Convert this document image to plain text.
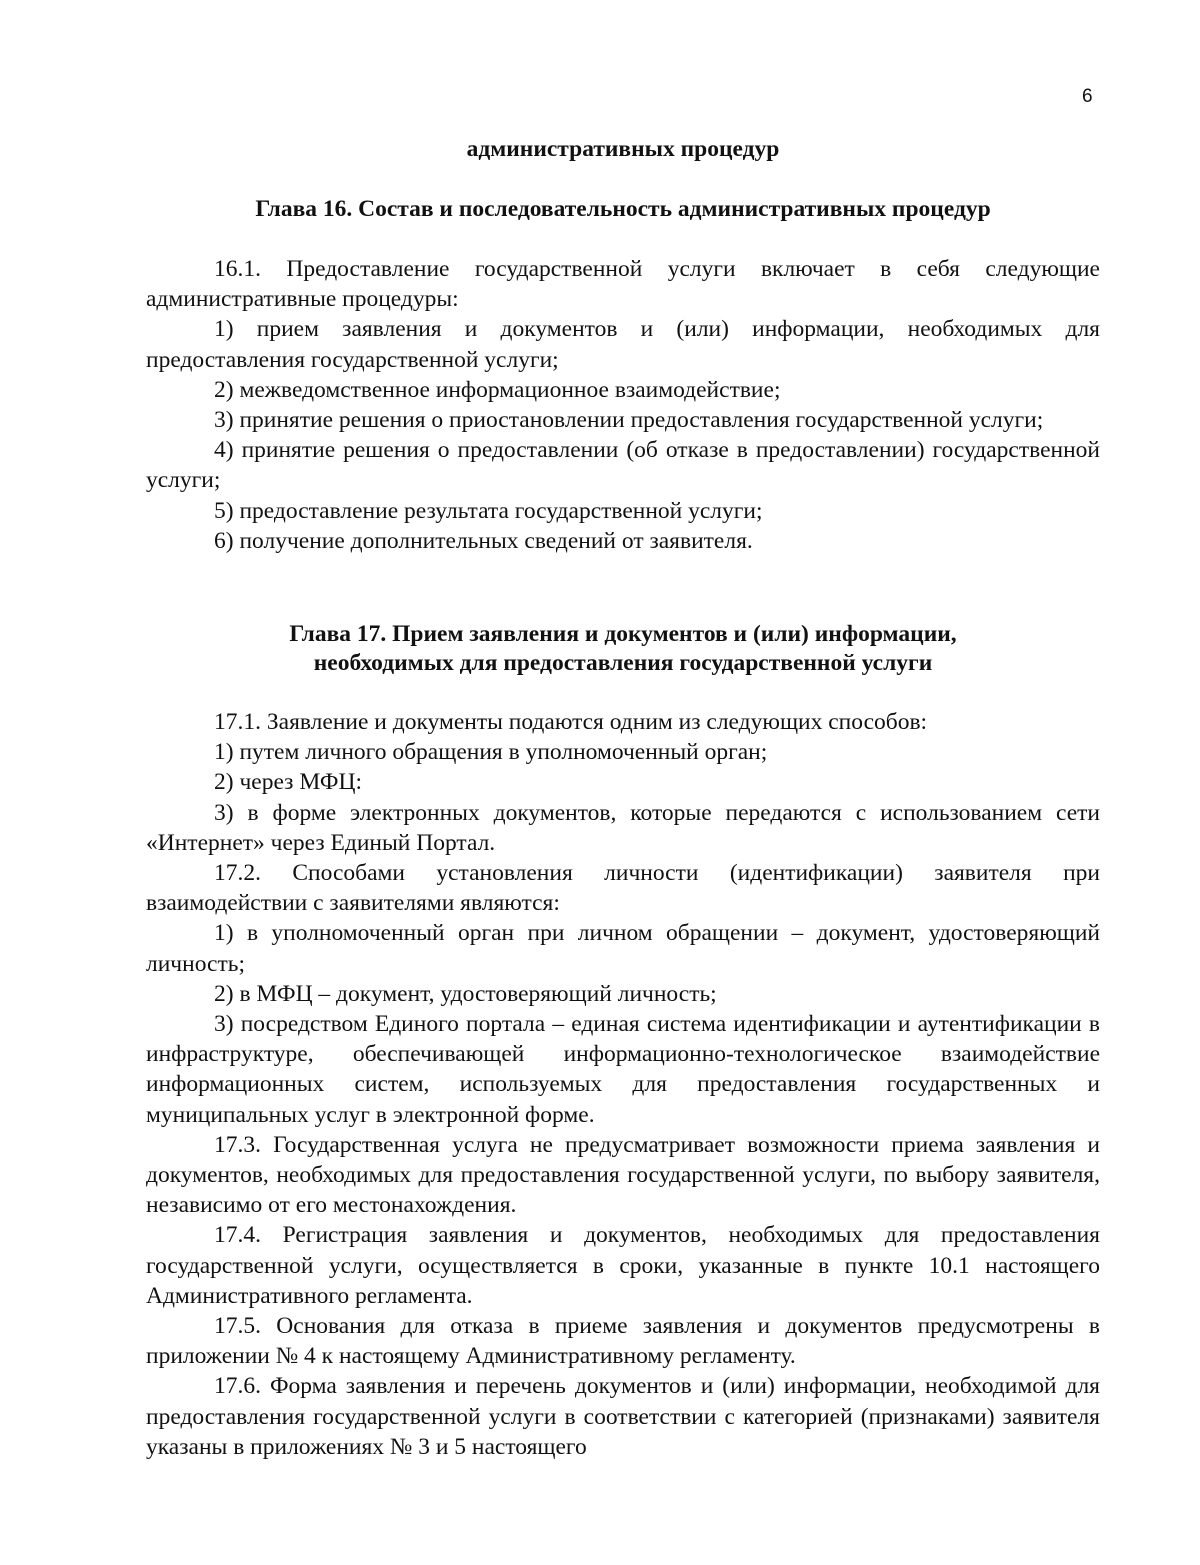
6
административных процедур
Глава 16. Состав и последовательность административных процедур

16.1. Предоставление государственной услуги включает в себя следующие административные процедуры:

1) прием заявления и документов и (или) информации, необходимых для предоставления государственной услуги;

2) межведомственное информационное взаимодействие;

3) принятие решения о приостановлении предоставления государственной услуги;

4) принятие решения о предоставлении (об отказе в предоставлении) государственной услуги;

5) предоставление результата государственной услуги;

6) получение дополнительных сведений от заявителя.

Глава 17. Прием заявления и документов и (или) информации,
необходимых для предоставления государственной услуги

17.1. Заявление и документы подаются одним из следующих способов:

1) путем личного обращения в уполномоченный орган;

2) через МФЦ:

3) в форме электронных документов, которые передаются с использованием сети «Интернет» через Единый Портал.

17.2. Способами установления личности (идентификации) заявителя при взаимодействии с заявителями являются:

1) в уполномоченный орган при личном обращении – документ, удостоверяющий личность;

2) в МФЦ – документ, удостоверяющий личность;

3) посредством Единого портала – единая система идентификации и аутентификации в инфраструктуре, обеспечивающей информационно-технологическое взаимодействие информационных систем, используемых для предоставления государственных и муниципальных услуг в электронной форме.

17.3. Государственная услуга не предусматривает возможности приема заявления и документов, необходимых для предоставления государственной услуги, по выбору заявителя, независимо от его местонахождения.

17.4. Регистрация заявления и документов, необходимых для предоставления государственной услуги, осуществляется в сроки, указанные в пункте 10.1 настоящего Административного регламента.

17.5. Основания для отказа в приеме заявления и документов предусмотрены в приложении № 4 к настоящему Административному регламенту.

17.6. Форма заявления и перечень документов и (или) информации, необходимой для предоставления государственной услуги в соответствии с категорией (признаками) заявителя указаны в приложениях № 3 и 5 настоящего
